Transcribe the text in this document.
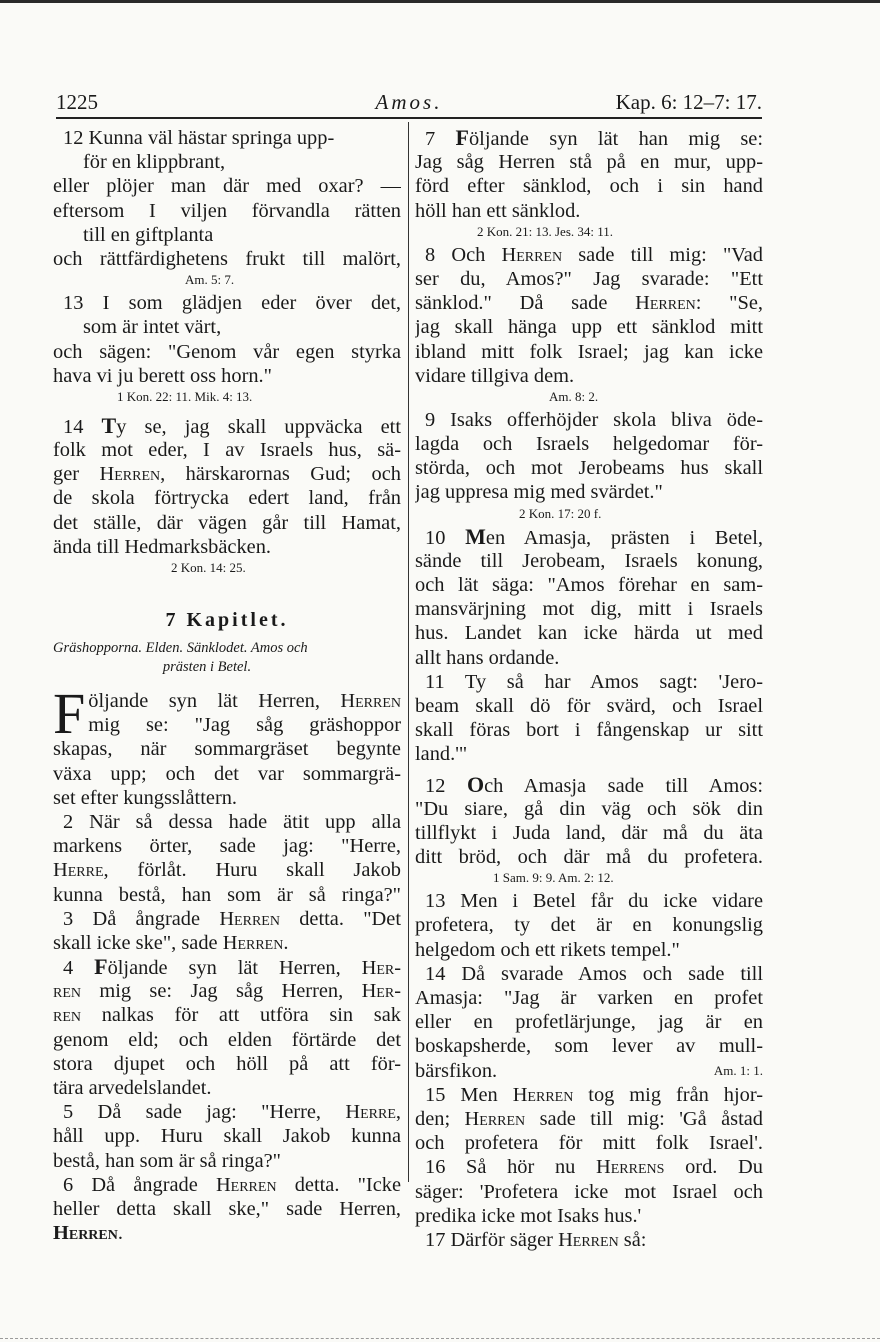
1225	Amos.	Kap. 6: 12–7: 17.
12 Kunna väl hästar springa upp-
för en klippbrant,
eller plöjer man där med oxar? —
eftersom I viljen förvandla rätten
till en giftplanta
och rättfärdighetens frukt till malört,
Am. 5: 7.
13 I som glädjen eder över det,
som är intet värt,
och sägen: "Genom vår egen styrka
hava vi ju berett oss horn."
1 Kon. 22: 11. Mik. 4: 13.
14 Ty se, jag skall uppväcka ett
folk mot eder, I av Israels hus, sä-
ger Herren, härskarornas Gud; och
de skola förtrycka edert land, från
det ställe, där vägen går till Hamat,
ända till Hedmarksbäcken.
2 Kon. 14: 25.
7 Kapitlet.
Gräshopporna. Elden. Sänklodet. Amos och
prästen i Betel.
F öljande syn lät Herren, Herren
mig se: "Jag såg gräshoppor
skapas, när sommargräset begynte
växa upp; och det var sommargrä-
set efter kungsslåttern.
2 När så dessa hade ätit upp alla
markens örter, sade jag: "Herre,
Herre, förlåt. Huru skall Jakob
kunna bestå, han som är så ringa?"
3 Då ångrade Herren detta. "Det
skall icke ske", sade Herren.
4 Följande syn lät Herren, Her-
ren mig se: Jag såg Herren, Her-
ren nalkas för att utföra sin sak
genom eld; och elden förtärde det
stora djupet och höll på att för-
tära arvedelslandet.
5 Då sade jag: "Herre, Herre,
håll upp. Huru skall Jakob kunna
bestå, han som är så ringa?"
6 Då ångrade Herren detta. "Icke
heller detta skall ske," sade Herren,
Herren.
7 Följande syn lät han mig se:
Jag såg Herren stå på en mur, upp-
förd efter sänklod, och i sin hand
höll han ett sänklod.
2 Kon. 21: 13. Jes. 34: 11.
8 Och Herren sade till mig: "Vad
ser du, Amos?" Jag svarade: "Ett
sänklod." Då sade Herren: "Se,
jag skall hänga upp ett sänklod mitt
ibland mitt folk Israel; jag kan icke
vidare tillgiva dem.
Am. 8: 2.
9 Isaks offerhöjder skola bliva öde-
lagda och Israels helgedomar för-
störda, och mot Jerobeams hus skall
jag uppresa mig med svärdet."
2 Kon. 17: 20 f.
10 Men Amasja, prästen i Betel,
sände till Jerobeam, Israels konung,
och lät säga: "Amos förehar en sam-
mansvärjning mot dig, mitt i Israels
hus. Landet kan icke härda ut med
allt hans ordande.
11 Ty så har Amos sagt: 'Jero-
beam skall dö för svärd, och Israel
skall föras bort i fångenskap ur sitt
land.'"
12 Och Amasja sade till Amos:
"Du siare, gå din väg och sök din
tillflykt i Juda land, där må du äta
ditt bröd, och där må du profetera.
1 Sam. 9: 9. Am. 2: 12.
13 Men i Betel får du icke vidare
profetera, ty det är en konungslig
helgedom och ett rikets tempel."
14 Då svarade Amos och sade till
Amasja: "Jag är varken en profet
eller en profetlärjunge, jag är en
boskapsherde, som lever av mull-
bärsfikon.	Am. 1: 1.
15 Men Herren tog mig från hjor-
den; Herren sade till mig: 'Gå åstad
och profetera för mitt folk Israel'.
16 Så hör nu Herrens ord. Du
säger: 'Profetera icke mot Israel och
predika icke mot Isaks hus.'
17 Därför säger Herren så:
